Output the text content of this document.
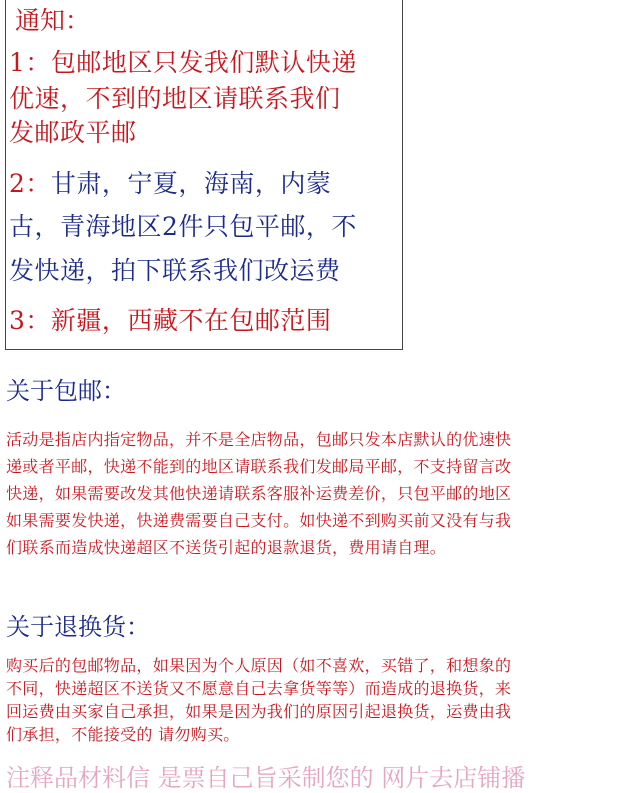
通知：

1：包邮地区只发我们默认快递

优速，不到的地区请联系我们

发邮政平邮

2：甘肃，宁夏，海南，内蒙

古，青海地区2件只包平邮，不

发快递，拍下联系我们改运费

3：新疆，西藏不在包邮范围

关于包邮：

活动是指店内指定物品，并不是全店物品，包邮只发本店默认的优速快

递或者平邮，快递不能到的地区请联系我们发邮局平邮，不支持留言改

快递，如果需要改发其他快递请联系客服补运费差价，只包平邮的地区

如果需要发快递，快递费需要自己支付。如快递不到购买前又没有与我

们联系而造成快递超区不送货引起的退款退货，费用请自理。

关于退换货：

购买后的包邮物品，如果因为个人原因（如不喜欢，买错了，和想象的

不同，快递超区不送货又不愿意自己去拿货等等）而造成的退换货，来

回运费由买家自己承担，如果是因为我们的原因引起退换货，运费由我

们承担，不能接受的 请勿购买。

注释品材料信 是票自己旨采制您的 网片去店铺播
